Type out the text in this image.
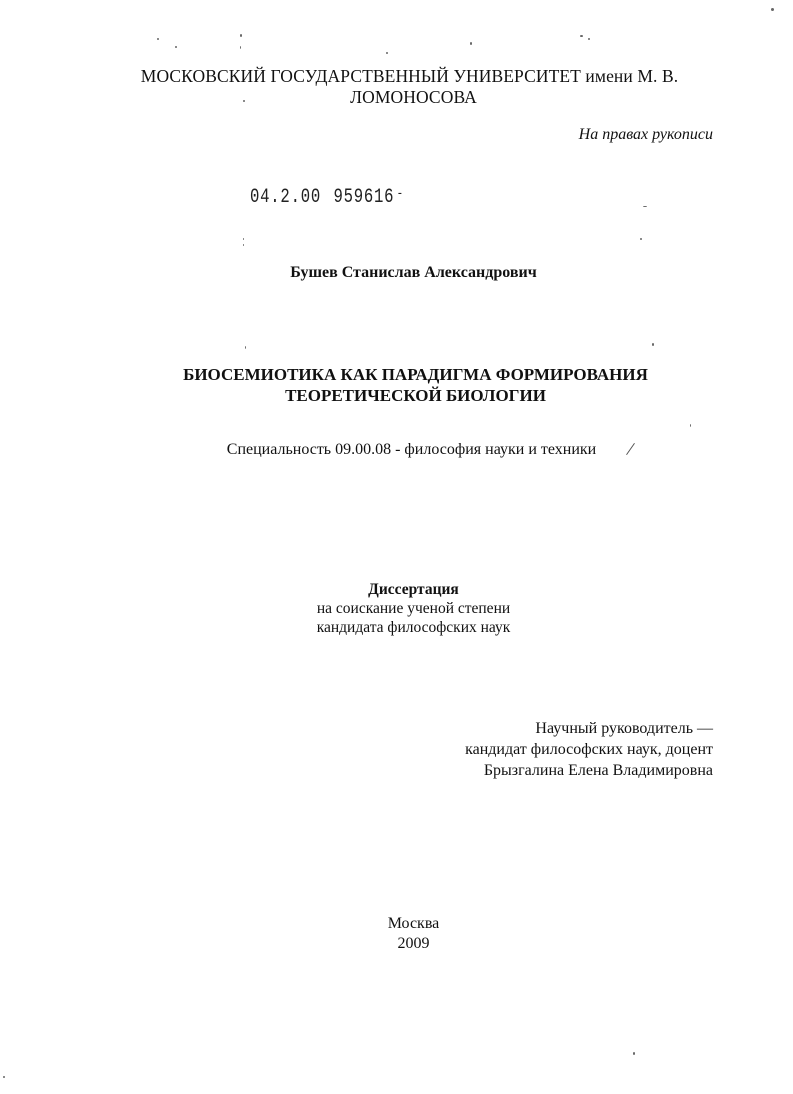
МОСКОВСКИЙ ГОСУДАРСТВЕННЫЙ УНИВЕРСИТЕТ имени М. В.
ЛОМОНОСОВА
На правах рукописи
04.2.00 959616 -
Бушев Станислав Александрович
БИОСЕМИОТИКА КАК ПАРАДИГМА ФОРМИРОВАНИЯ
ТЕОРЕТИЧЕСКОЙ БИОЛОГИИ
Специальность 09.00.08 - философия науки и техники
Диссертация
на соискание ученой степени
кандидата философских наук
Научный руководитель —
кандидат философских наук, доцент
Брызгалина Елена Владимировна
Москва
2009
